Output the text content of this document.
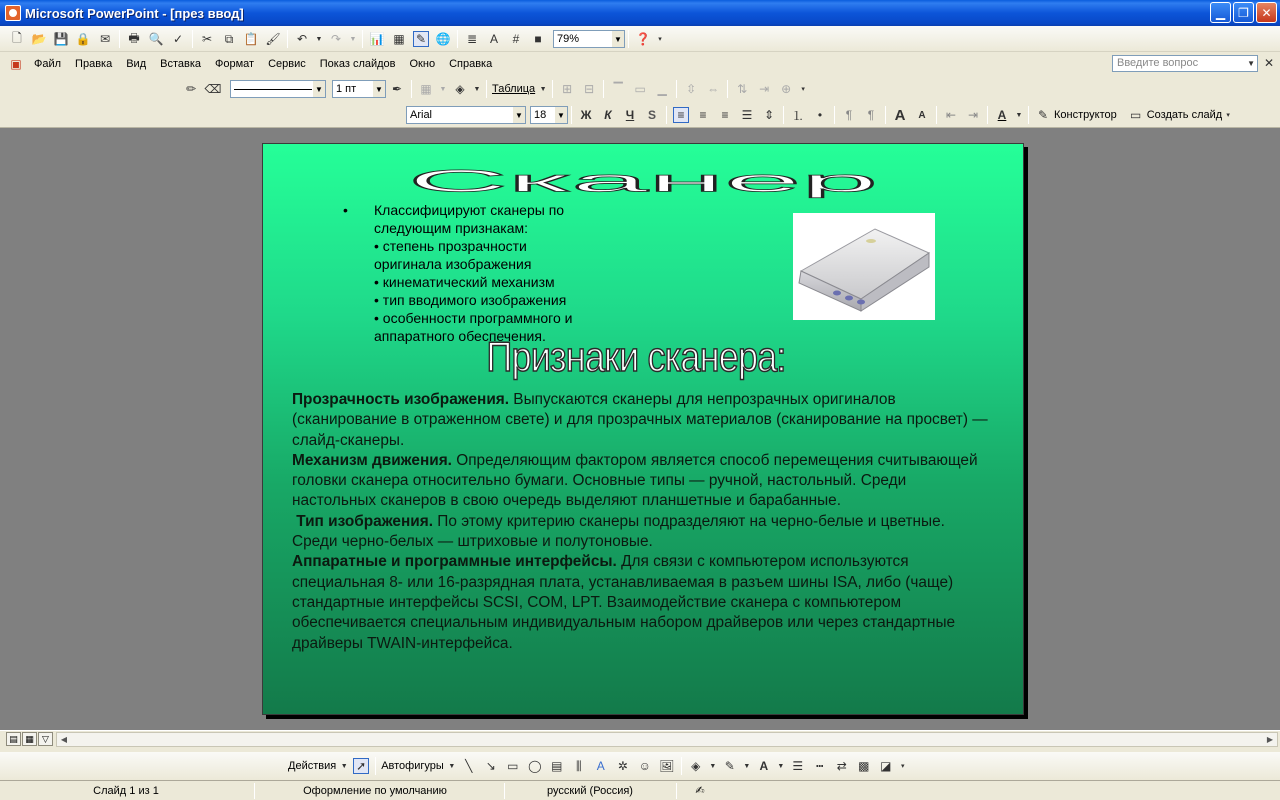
Microsoft PowerPoint - [през ввод]	▁	❐	✕
🗋 📂 💾 🔒 ✉ 🖶 🔍 ✓ ✂	⧉ 📋 🖌 ↶	▼ ↷	▼ 📊 ▦ ✎ 🌐 ≣	A	#	■	79%	▼ ❓ ▾
▣	Файл	Правка	Вид	Вставка	Формат	Сервис	Показ слайдов	Окно	Справка	Введите вопрос	▼ ✕
✏ ⌫	▼ 1 пт ▼ ✒ ▦	▼ ◈	▼ Таблица ▼ ⊞ ⊟ ▔ ▭ ▁ ⇳ ⇔ ⇅ ⇥ ⊕	▾
Arial	▼ 18 ▼ Ж	К	Ч	S	≡	≡	≡	☰ ⇕ ⒈	•	¶	¶	A	A	⇤ ⇥	A	▼ ✎ Конструктор ▭ Создать слайд ▾
Сканер
• Классифицируют сканеры по
следующим признакам:
• степень прозрачности
оригинала изображения
• кинематический механизм
• тип вводимого изображения
• особенности программного и
аппаратного обеспечения.
Признаки сканера:
Прозрачность изображения. Выпускаются сканеры для непрозрачных оригиналов (сканирование в отраженном свете) и для прозрачных материалов (сканирование на просвет) — слайд-сканеры.
Механизм движения. Определяющим фактором является способ перемещения считывающей головки сканера относительно бумаги. Основные типы — ручной, настольный. Среди настольных сканеров в свою очередь выделяют планшетные и барабанные.
Тип изображения. По этому критерию сканеры подразделяют на черно-белые и цветные. Среди черно-белых — штриховые и полутоновые.
Аппаратные и программные интерфейсы. Для связи с компьютером используются специальная 8- или 16-разрядная плата, устанавливаемая в разъем шины ISA, либо (чаще) стандартные интерфейсы SCSI, COM, LPT. Взаимодействие сканера с компьютером обеспечивается специальным индивидуальным набором драйверов или через стандартные драйверы TWAIN-интерфейса.
▤ ▦ ▽	◀	▶
Действия ▼ ➚ Автофигуры ▼ ╲	↘ ▭ ◯ ▤	⫼	A	✲ ☺ 🖼 ◈	▼ ✎	▼ A	▼ ☰	┅	⇄ ▩ ◪	▾
Слайд 1 из 1	Оформление по умолчанию	русский (Россия)	✍
